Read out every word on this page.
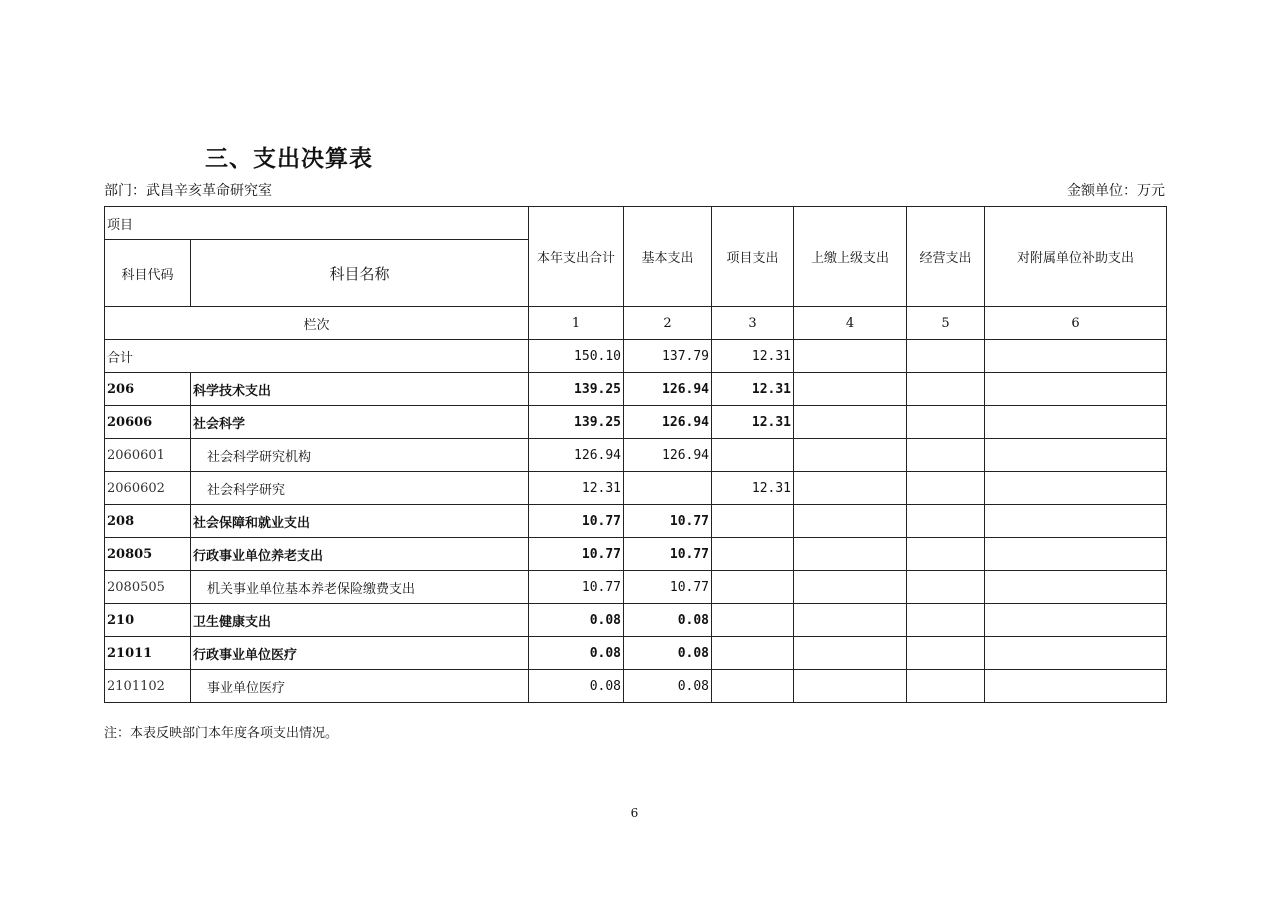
三、支出决算表
部门：武昌辛亥革命研究室	金额单位：万元
项目		本年支出合计	基本支出	项目支出	上缴上级支出	经营支出	对附属单位补助支出
科目代码	科目名称						
栏次		1	2	3	4	5	6
合计		150.10	137.79	12.31			
206	科学技术支出	139.25	126.94	12.31			
20606	社会科学	139.25	126.94	12.31			
2060601	社会科学研究机构	126.94	126.94				
2060602	社会科学研究	12.31		12.31			
208	社会保障和就业支出	10.77	10.77				
20805	行政事业单位养老支出	10.77	10.77				
2080505	机关事业单位基本养老保险缴费支出	10.77	10.77				
210	卫生健康支出	0.08	0.08				
21011	行政事业单位医疗	0.08	0.08				
2101102	事业单位医疗	0.08	0.08				
注：本表反映部门本年度各项支出情况。
6
